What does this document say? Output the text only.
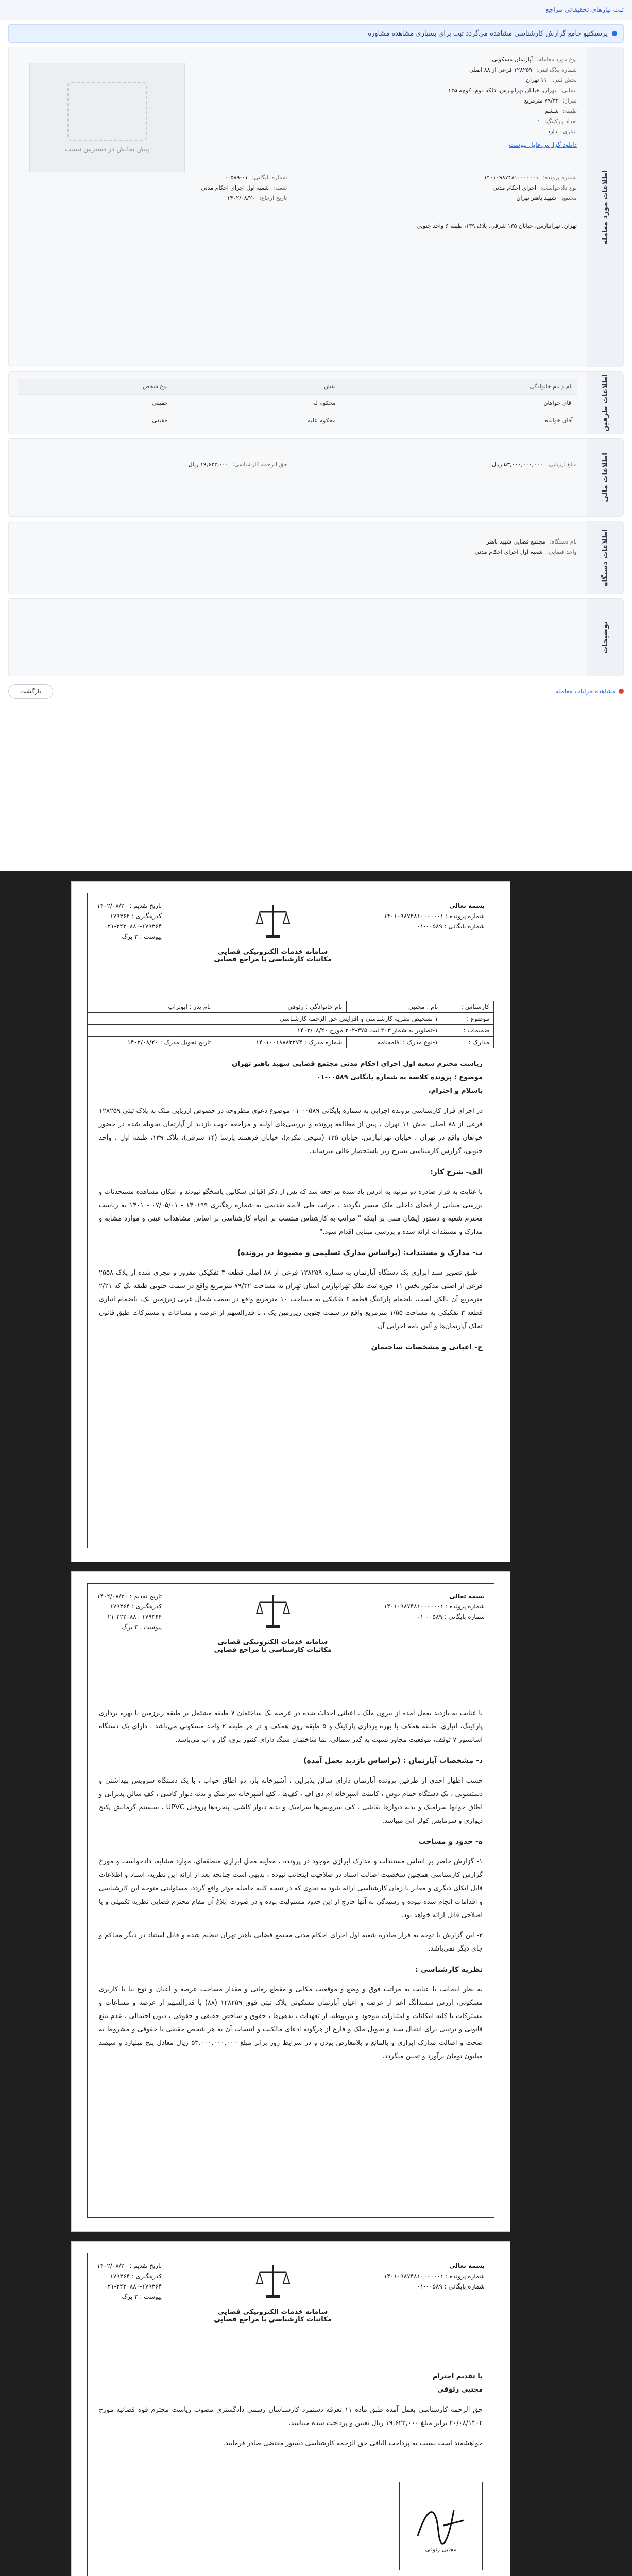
ثبت نیازهای تحقیقاتی مراجع
پرسپکتیو جامع گزارش کارشناسی مشاهده می‌گردد ثبت برای بسپاری مشاهده مشاوره
اطلاعات مورد معامله
پیش نمایش در دسترس نیست
نوع مورد معامله:
آپارتمان مسکونی
شماره پلاک ثبتی:
۱۲۸۲۵۹ فرعی از ۸۸ اصلی
بخش ثبتی:
۱۱ تهران
نشانی:
تهران، خیابان تهرانپارس، فلکه دوم، کوچه ۱۳۵
متراژ:
۷۹/۳۲ مترمربع
طبقه:
ششم
تعداد پارکینگ:
۱
انباری:
دارد
دانلود گزارش فایل پیوست
شماره پرونده:
۱۴۰۱۰۹۸۷۴۸۱۰۰۰۰۰۰۱
شماره بایگانی:
۰۰۵۸۹-۰۱
نوع دادخواست:
اجرای احکام مدنی
شعبه:
شعبه اول اجرای احکام مدنی
مجتمع:
شهید باهنر تهران
تاریخ ارجاع:
۱۴۰۲/۰۸/۲۰
تهران، تهرانپارس، خیابان ۱۳۵ شرقی، پلاک ۱۳۹، طبقه ۶ واحد جنوبی
اطلاعات طرفین
نام و نام خانوادگی	نقش	نوع شخص
آقای خواهان	محکوم له	حقیقی
آقای خوانده	محکوم علیه	حقیقی
اطلاعات مالی
مبلغ ارزیابی:
۵۳,۰۰۰,۰۰۰,۰۰۰ ریال
حق الزحمه کارشناسی:
۱۹,۶۲۳,۰۰۰ ریال
اطلاعات دستگاه
نام دستگاه:
مجتمع قضایی شهید باهنر
واحد قضایی:
شعبه اول اجرای احکام مدنی
توضیحات
مشاهده جزئیات معامله
بازگشت
بسمه تعالی
شماره پرونده : ۱۴۰۱۰۹۸۷۴۸۱۰۰۰۰۰۰۱
شماره بایگانی : ۰۰۵۸۹-۰۱
سامانه خدمات الکترونیکی قضایی
مکاتبات کارشناسی با مراجع قضایی
تاریخ تقدیم : ۱۴۰۲/۰۸/۲۰
کدرهگیری : ۱۷۹۳۶۴
۰۲۱-۲۲۲۰۸۸۰-۱۷۹۳۶۴
پیوست : ۲ برگ
کارشناس :	نام : مجتبی	نام خانوادگی : رئوفی	نام پدر : ابوتراب
موضوع :	۱-تشخیص نظریه کارشناسی و افزایش حق الزحمه کارشناسی		
ضمیمات :	۱-تصاویر به شمار ۲۰۳ ثبت ۳۷۵-۲۰۲ مورخ ۱۴۰۲/۰۸/۲۰		
مدارک :	۱-نوع مدرک : اقامه‌نامه	شماره مدرک : ۱۴۰۱۰۰۱۸۸۸۳۲۷۴	تاریخ تحویل مدرک : ۱۴۰۲/۰۸/۲۰
ریاست محترم شعبه اول اجرای احکام مدنی مجتمع قضایی شهید باهنر تهران
موضوع : پرونده کلاسه به شماره بایگانی ۰۰۵۸۹-۰۱
باسلام و احترام،

در اجرای قرار کارشناسی پرونده اجرایی به شماره بایگانی ۰۰۵۸۹-۰۱ موضوع دعوی مطروحه در خصوص ارزیابی ملک به پلاک ثبتی ۱۲۸۲۵۹ فرعی از ۸۸ اصلی بخش ۱۱ تهران ، پس از مطالعه پرونده و بررسی‌های اولیه و مراجعه جهت بازدید از آپارتمان تحویله شده در حضور خواهان واقع در تهران ، خیابان تهرانپارس، خیابان ۱۳۵ (شیخی مکرم)، خیابان فرهمند پارسا (۱۴ شرقی)، پلاک ۱۳۹، طبقه اول ، واحد جنوبی، گزارش کارشناسی بشرح زیر باستحضار عالی میرساند.

الف- شرح کار:

با عنایت به قرار صادره دو مرتبه به آدرس یاد شده مراجعه شد که پس از ذکر اقبالی سکانین پاسخگو نبودند و امکان مشاهده مستحدثات و بررسی مبنایی از فضای داخلی ملک میسر نگردید ، مراتب طی لایحه تقدیمی به شماره رهگیری ۱۴۰۱۹۹ - ۰۷/۰۵/۰۱ - ۱۴۰۱ به ریاست محترم شعبه و دستور ایشان مبنی بر اینکه " مراتب به کارشناس منتسب بر انجام کارشناسی بر اساس مشاهدات عینی و موارد مشابه و مدارک و مستندات ارائه شده و بررسی مبنایی اقدام شود."

ب- مدارک و مستندات: (براساس مدارک تسلیمی و مضبوط در پرونده)

- طبق تصویر سند ابرازی یک دستگاه آپارتمان به شماره ۱۲۸۲۵۹ فرعی از ۸۸ اصلی قطعه ۳ تفکیکی مفروز و مجزی شده از پلاک ۲۵۵۸ فرعی از اصلی مذکور بخش ۱۱ حوزه ثبت ملک تهرانپارس استان تهران به مساحت ۷۹/۳۲ مترمربع واقع در سمت جنوبی طبقه یک که ۲/۲۱ مترمربع آن بالکن است، باضمام پارکینگ قطعه ۶ تفکیکی به مساحت ۱۰ مترمربع واقع در سمت شمال غربی زیرزمین یک، باضمام انباری قطعه ۳ تفکیکی به مساحت ۱/۵۵ مترمربع واقع در سمت جنوبی زیرزمین یک ، با قدرالسهم از عرصه و مشاعات و مشترکات طبق قانون تملک آپارتمان‌ها و آئین نامه اجرایی آن.

ج- اعیانی و مشخصات ساختمان
بسمه تعالی
شماره پرونده : ۱۴۰۱۰۹۸۷۴۸۱۰۰۰۰۰۰۱
شماره بایگانی : ۰۰۵۸۹-۰۱
سامانه خدمات الکترونیکی قضایی
مکاتبات کارشناسی با مراجع قضایی
تاریخ تقدیم : ۱۴۰۲/۰۸/۲۰
کدرهگیری : ۱۷۹۳۶۴
۰۲۱-۲۲۲۰۸۸۰-۱۷۹۳۶۴
پیوست : ۲ برگ

با عنایت به بازدید بعمل آمده از بیرون ملک ، اعیانی احداث شده در عرصه یک ساختمان ۷ طبقه مشتمل بر طبقه زیرزمین با بهره برداری پارکینگ، انباری، طبقه همکف با بهره برداری پارکینگ و ۵ طبقه روی همکف و در هر طبقه ۲ واحد مسکونی می‌باشد . دارای یک دستگاه آسانسور ۷ توقف، موقعیت مجاور نسبت به گذر شمالی، نما ساختمان سنگ دارای کنتور برق، گاز و آب می‌باشد.

د- مشخصات آپارتمان : (براساس بازدید بعمل آمده)

حسب اظهار احدی از طرفین پرونده آپارتمان دارای سالن پذیرایی ، آشپزخانه باز، دو اطاق خواب ، با یک دستگاه سرویس بهداشتی و دستشویی ، یک دستگاه حمام دوش ، کابینت آشپزخانه ام دی اف ، کف‌ها ، کف آشپزخانه سرامیک و بدنه دیوار کاشی ، کف سالن پذیرایی و اطاق خوابها سرامیک و بدنه دیوارها نقاشی ، کف سرویس‌ها سرامیک و بدنه دیوار کاشی، پنجره‌ها پروفیل UPVC ، سیستم گرمایش پکیج دیواری و سرمایش کولر آبی میباشد.

ه- حدود و مساحت

۱- گزارش حاضر بر اساس مستندات و مدارک ابرازی موجود در پرونده ، معاینه محل ابرازی منطقه‌ای، موارد مشابه، دادخواست و مورخ گزارش کارشناسی همچنین شخصیت اصالت اسناد در صلاحیت اینجانب نبوده ، بدیهی است چنانچه بعد از ارائه این نظریه، اسناد و اطلاعات قابل اتکای دیگری و مغایر با زمان کارشناسی ارائه شود به نحوی که در نتیجه کلیه حاصله موثر واقع گردد، مسئولیتی متوجه این کارشناسی و اقدامات انجام شده نبوده و رسیدگی به آنها خارج از این حدود مسئولیت بوده و در صورت ابلاغ آن مقام محترم قضایی نظریه تکمیلی و یا اصلاحی قابل ارائه خواهد بود.

۲- این گزارش با توجه به قرار صادره شعبه اول اجرای احکام مدنی مجتمع قضایی باهنر تهران تنظیم شده و قابل استناد در دیگر محاکم و جای دیگر نمی‌باشد.

نظریه کارشناسی :

به نظر اینجانب با عنایت به مراتب فوق و وضع و موقعیت مکانی و مقطع زمانی و مقدار مساحت عرصه و اعیان و نوع بنا با کاربری مسکونی، ارزش ششدانگ اعم از عرصه و اعیان آپارتمان مسکونی پلاک ثبتی فوق ۱۲۸۲۵۹ (۸۸) با قدرالسهم از عرصه و مشاعات و مشترکات با کلیه امکانات و امتیازات موجود و مربوطه، از تعهدات ، بدهی‌ها ، حقوق و شاخص حقیقی و حقوقی ، دیون احتمالی ، عدم منع قانونی و ترتیبی برای انتقال سند و تحویل ملک و فارغ از هرگونه ادعای مالکیت و انتساب آن به هر شخص حقیقی یا حقوقی و مشروط به صحت و اصالت مدارک ابرازی و بالمانع و بلامعارض بودن و در شرایط روز برابر مبلغ ۵۳,۰۰۰,۰۰۰,۰۰۰ ریال معادل پنج میلیارد و سیصد میلیون تومان برآورد و تعیین میگردد.

بسمه تعالی
شماره پرونده : ۱۴۰۱۰۹۸۷۴۸۱۰۰۰۰۰۰۱
شماره بایگانی : ۰۰۵۸۹-۰۱
سامانه خدمات الکترونیکی قضایی
مکاتبات کارشناسی با مراجع قضایی
تاریخ تقدیم : ۱۴۰۲/۰۸/۲۰
کدرهگیری : ۱۷۹۳۶۴
۰۲۱-۲۲۲۰۸۸۰-۱۷۹۳۶۴
پیوست : ۲ برگ
با تقدیم احترام
مجتبی رئوفی

حق الزحمه کارشناسی بعمل آمده طبق ماده ۱۱ تعرفه دستمزد کارشناسان رسمی دادگستری مصوب ریاست محترم قوه قضائیه مورخ ۲۰/۰۸/۱۴۰۲ برابر مبلغ ۱۹,۶۲۳,۰۰۰ ریال تعیین و پرداخت شده میباشد.

خواهشمند است نسبت به پرداخت الباقی حق الزحمه کارشناسی دستور مقتضی صادر فرمایید.

مجتبی رئوفی
